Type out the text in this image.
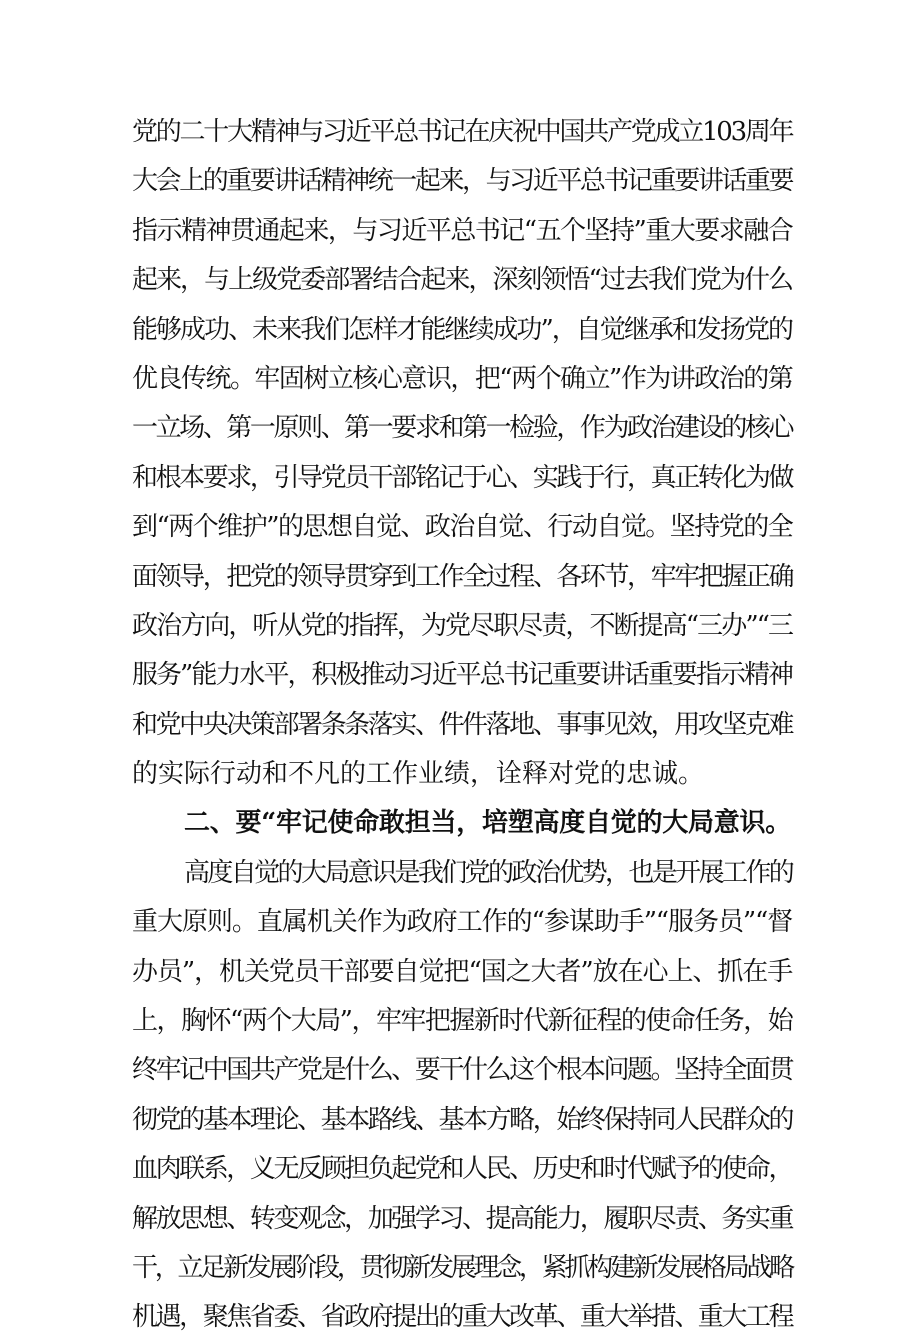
党的二十大精神与习近平总书记在庆祝中国共产党成立103周年
大会上的重要讲话精神统一起来，与习近平总书记重要讲话重要
指示精神贯通起来，与习近平总书记“五个坚持”重大要求融合
起来，与上级党委部署结合起来，深刻领悟“过去我们党为什么
能够成功、未来我们怎样才能继续成功”，自觉继承和发扬党的
优良传统。牢固树立核心意识，把“两个确立”作为讲政治的第
一立场、第一原则、第一要求和第一检验，作为政治建设的核心
和根本要求，引导党员干部铭记于心、实践于行，真正转化为做
到“两个维护”的思想自觉、政治自觉、行动自觉。坚持党的全
面领导，把党的领导贯穿到工作全过程、各环节，牢牢把握正确
政治方向，听从党的指挥，为党尽职尽责，不断提高“三办”“三
服务”能力水平，积极推动习近平总书记重要讲话重要指示精神
和党中央决策部署条条落实、件件落地、事事见效，用攻坚克难
的实际行动和不凡的工作业绩，诠释对党的忠诚。
二、要“牢记使命敢担当，培塑高度自觉的大局意识。
高度自觉的大局意识是我们党的政治优势，也是开展工作的
重大原则。直属机关作为政府工作的“参谋助手”“服务员”“督
办员”，机关党员干部要自觉把“国之大者”放在心上、抓在手
上，胸怀“两个大局”，牢牢把握新时代新征程的使命任务，始
终牢记中国共产党是什么、要干什么这个根本问题。坚持全面贯
彻党的基本理论、基本路线、基本方略，始终保持同人民群众的
血肉联系，义无反顾担负起党和人民、历史和时代赋予的使命，
解放思想、转变观念，加强学习、提高能力，履职尽责、务实重
干，立足新发展阶段，贯彻新发展理念，紧抓构建新发展格局战略
机遇，聚焦省委、省政府提出的重大改革、重大举措、重大工程
